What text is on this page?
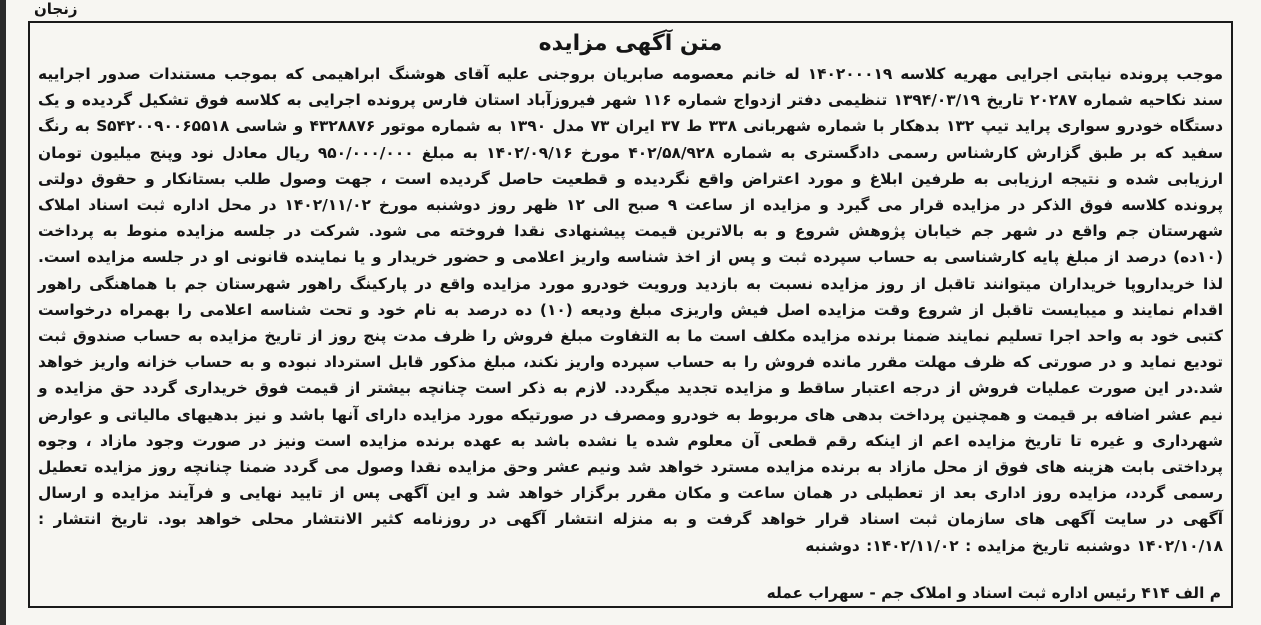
زنجان
متن آگهی مزایده

موجب پرونده نیابتی اجرایی مهریه کلاسه ۱۴۰۲۰۰۰۱۹ له خانم معصومه صابریان بروجنی علیه آقای هوشنگ ابراهیمی که بموجب مستندات صدور اجراییه سند نکاحیه شماره ۲۰۲۸۷ تاریخ ۱۳۹۴/۰۳/۱۹ تنظیمی دفتر ازدواج شماره ۱۱۶ شهر فیروزآباد استان فارس پرونده اجرایی به کلاسه فوق تشکیل گردیده و یک دستگاه خودرو سواری پراید تیپ ۱۳۲ بدهکار با شماره شهربانی ۳۳۸ ط ۳۷ ایران ۷۳ مدل ۱۳۹۰ به شماره موتور ۴۳۲۸۸۷۶ و شاسی S۵۴۲۰۰۹۰۰۶۵۵۱۸ به رنگ سفید که بر طبق گزارش کارشناس رسمی دادگستری به شماره ۴۰۲/۵۸/۹۲۸ مورخ ۱۴۰۲/۰۹/۱۶ به مبلغ ۹۵۰/۰۰۰/۰۰۰ ریال معادل نود وپنج میلیون تومان ارزیابی شده و نتیجه ارزیابی به طرفین ابلاغ و مورد اعتراض واقع نگردیده و قطعیت حاصل گردیده است ، جهت وصول طلب بستانکار و حقوق دولتی پرونده کلاسه فوق الذکر در مزایده قرار می گیرد و مزایده از ساعت ۹ صبح الی ۱۲ ظهر روز دوشنبه مورخ ۱۴۰۲/۱۱/۰۲ در محل اداره ثبت اسناد املاک شهرستان جم واقع در شهر جم خیابان پژوهش شروع و به بالاترین قیمت پیشنهادی نقدا فروخته می شود. شرکت در جلسه مزایده منوط به پرداخت (۱۰ده) درصد از مبلغ پایه کارشناسی به حساب سپرده ثبت و پس از اخذ شناسه واریز اعلامی و حضور خریدار و یا نماینده قانونی او در جلسه مزایده است. لذا خریداروپا خریداران میتوانند تاقبل از روز مزایده نسبت به بازدید ورویت خودرو مورد مزایده واقع در پارکینگ راهور شهرستان جم با هماهنگی راهور اقدام نمایند و میبایست تاقبل از شروع وقت مزایده اصل فیش واریزی مبلغ ودیعه (۱۰) ده درصد به نام خود و تحت شناسه اعلامی را بهمراه درخواست کتبی خود به واحد اجرا تسلیم نمایند ضمنا برنده مزایده مکلف است ما به التفاوت مبلغ فروش را ظرف مدت پنج روز از تاریخ مزایده به حساب صندوق ثبت تودیع نماید و در صورتی که ظرف مهلت مقرر مانده فروش را به حساب سپرده واریز نکند، مبلغ مذکور قابل استرداد نبوده و به حساب خزانه واریز خواهد شد.در این صورت عملیات فروش از درجه اعتبار ساقط و مزایده تجدید میگردد. لازم به ذکر است چنانچه بیشتر از قیمت فوق خریداری گردد حق مزایده و نیم عشر اضافه بر قیمت و همچنین پرداخت بدهی های مربوط به خودرو ومصرف در صورتیکه مورد مزایده دارای آنها باشد و نیز بدهیهای مالیاتی و عوارض شهرداری و غیره تا تاریخ مزایده اعم از اینکه رقم قطعی آن معلوم شده یا نشده باشد به عهده برنده مزایده است ونیز در صورت وجود مازاد ، وجوه پرداختی بابت هزینه های فوق از محل مازاد به برنده مزایده مسترد خواهد شد ونیم عشر وحق مزایده نقدا وصول می گردد ضمنا چنانچه روز مزایده تعطیل رسمی گردد، مزایده روز اداری بعد از تعطیلی در همان ساعت و مکان مقرر برگزار خواهد شد و این آگهی پس از تایید نهایی و فرآیند مزایده و ارسال آگهی در سایت آگهی های سازمان ثبت اسناد قرار خواهد گرفت و به منزله انتشار آگهی در روزنامه کثیر الانتشار محلی خواهد بود. تاریخ انتشار : ۱۴۰۲/۱۰/۱۸ دوشنبه تاریخ مزایده : ۱۴۰۲/۱۱/۰۲: دوشنبه

م الف ۴۱۴ رئیس اداره ثبت اسناد و املاک جم - سهراب عمله
